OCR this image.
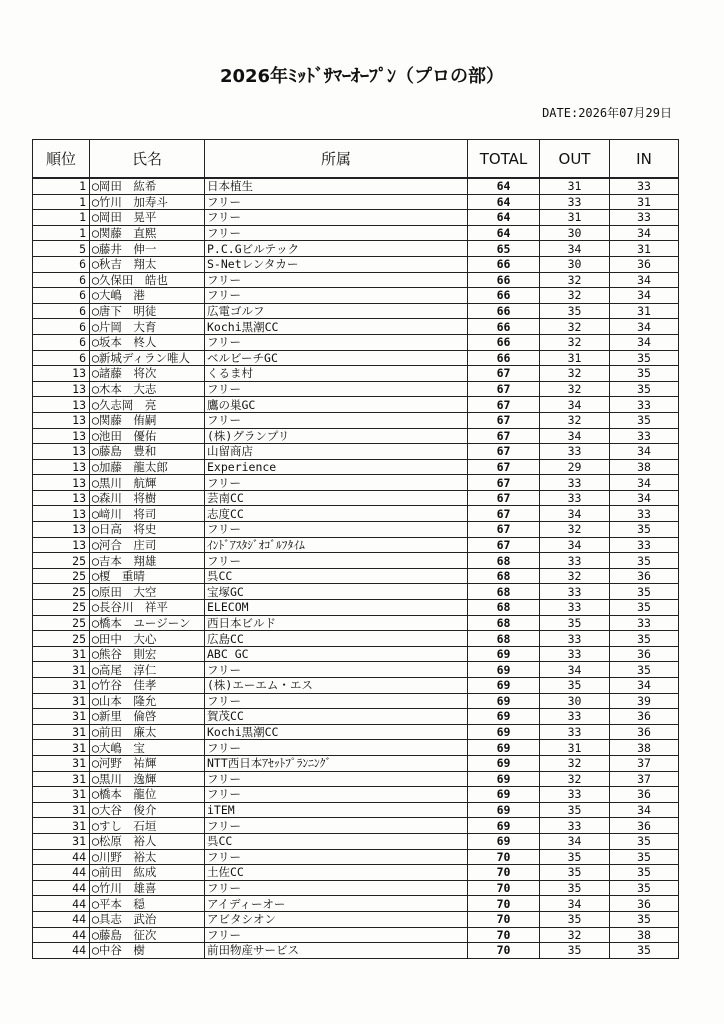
2026年ﾐｯﾄﾞｻﾏｰｵｰﾌﾟﾝ（プロの部）
DATE:2026年07月29日
順位	氏名	所属	TOTAL	OUT	IN
1	◯岡田　紘希	日本植生	64	31	33
1	◯竹川　加寿斗	フリー	64	33	31
1	◯岡田　晃平	フリー	64	31	33
1	◯関藤　直熙	フリー	64	30	34
5	◯藤井　伸一	P.C.Gビルテック	65	34	31
6	◯秋吉　翔太	S-Netレンタカー	66	30	36
6	◯久保田　皓也	フリー	66	32	34
6	◯大嶋　港	フリー	66	32	34
6	◯唐下　明徒	広電ゴルフ	66	35	31
6	◯片岡　大育	Kochi黒潮CC	66	32	34
6	◯坂本　柊人	フリー	66	32	34
6	◯新城ディラン唯人	ベルビーチGC	66	31	35
13	◯諸藤　将次	くるま村	67	32	35
13	◯木本　大志	フリー	67	32	35
13	◯久志岡　亮	鷹の巣GC	67	34	33
13	◯関藤　侑嗣	フリー	67	32	35
13	◯池田　優佑	(株)グランプリ	67	34	33
13	◯藤島　豊和	山留商店	67	33	34
13	◯加藤　龍太郎	Experience	67	29	38
13	◯黒川　航輝	フリー	67	33	34
13	◯森川　将樹	芸南CC	67	33	34
13	◯﨑川　将司	志度CC	67	34	33
13	◯日高　将史	フリー	67	32	35
13	◯河合　庄司	ｲﾝﾄﾞｱｽﾀｼﾞｵｺﾞﾙﾌﾀｲﾑ	67	34	33
25	◯吉本　翔雄	フリー	68	33	35
25	◯榎　重晴	呉CC	68	32	36
25	◯原田　大空	宝塚GC	68	33	35
25	◯長谷川　祥平	ELECOM	68	33	35
25	◯橋本　ユージーン	西日本ビルド	68	35	33
25	◯田中　大心	広島CC	68	33	35
31	◯熊谷　則宏	ABC GC	69	33	36
31	◯高尾　淳仁	フリー	69	34	35
31	◯竹谷　佳孝	(株)エーエム・エス	69	35	34
31	◯山本　隆允	フリー	69	30	39
31	◯新里　倫啓	賀茂CC	69	33	36
31	◯前田　廉太	Kochi黒潮CC	69	33	36
31	◯大嶋　宝	フリー	69	31	38
31	◯河野　祐輝	NTT西日本ｱｾｯﾄﾌﾟﾗﾝﾆﾝｸﾞ	69	32	37
31	◯黒川　逸輝	フリー	69	32	37
31	◯橋本　龍位	フリー	69	33	36
31	◯大谷　俊介	iTEM	69	35	34
31	◯すし　石垣	フリー	69	33	36
31	◯松原　裕人	呉CC	69	34	35
44	◯川野　裕太	フリー	70	35	35
44	◯前田　紘成	土佐CC	70	35	35
44	◯竹川　雄喜	フリー	70	35	35
44	◯平本　穏	アイディーオー	70	34	36
44	◯具志　武治	アビタシオン	70	35	35
44	◯藤島　征次	フリー	70	32	38
44	◯中谷　樹	前田物産サービス	70	35	35
